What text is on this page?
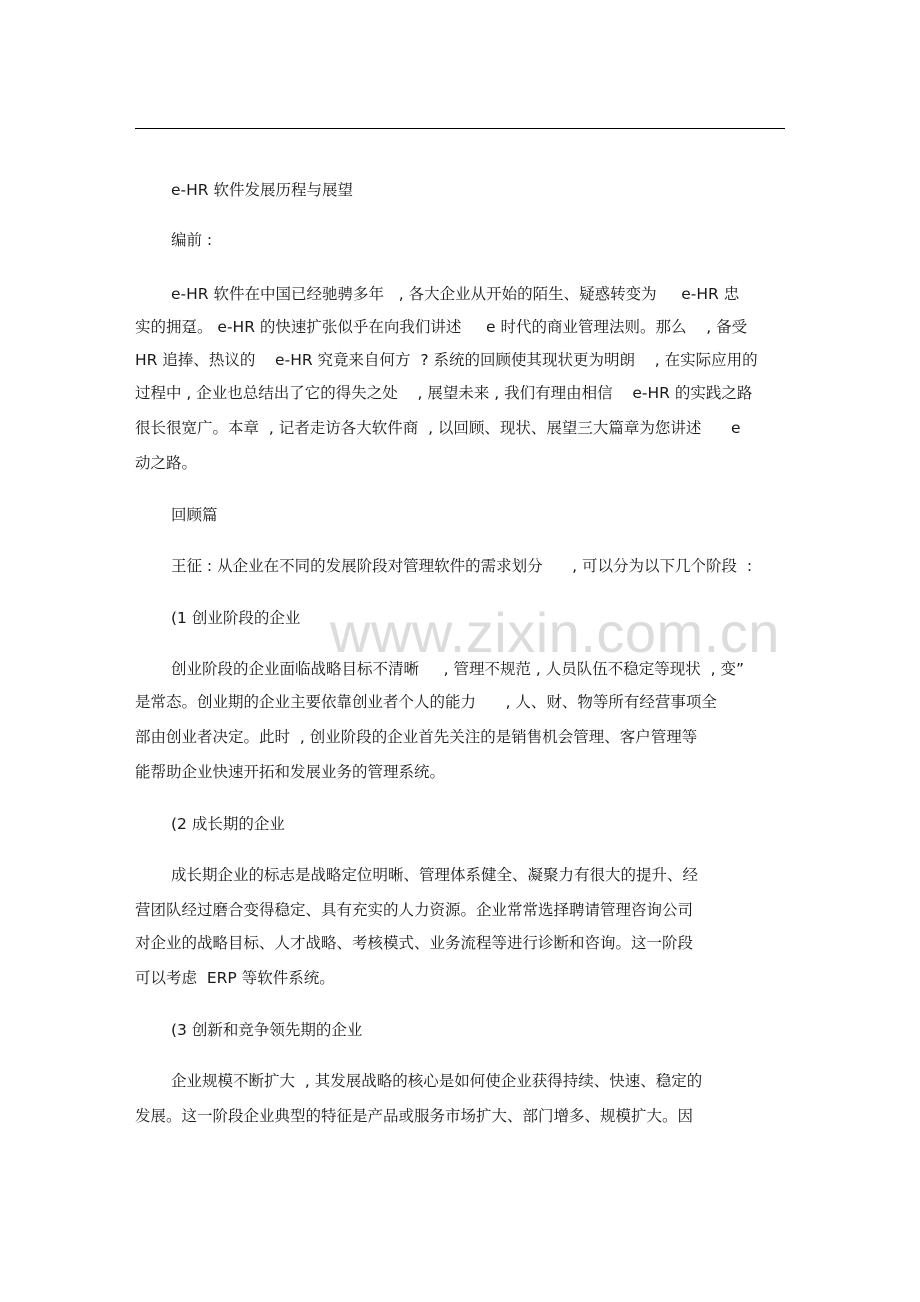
e-HR 软件发展历程与展望
编前 :
e-HR 软件在中国已经驰骋多年   , 各大企业从开始的陌生、疑惑转变为     e-HR 忠
实的拥趸。 e-HR 的快速扩张似乎在向我们讲述     e 时代的商业管理法则。那么    , 备受
HR 追捧、热议的    e-HR 究竟来自何方  ? 系统的回顾使其现状更为明朗    , 在实际应用的
过程中 , 企业也总结出了它的得失之处    , 展望未来 , 我们有理由相信    e-HR 的实践之路
很长很宽广。本章  , 记者走访各大软件商  , 以回顾、现状、展望三大篇章为您讲述      e
动之路。
回顾篇
王征 : 从企业在不同的发展阶段对管理软件的需求划分      , 可以分为以下几个阶段  :
(1 创业阶段的企业
创业阶段的企业面临战略目标不清晰     , 管理不规范 , 人员队伍不稳定等现状  , 变”
是常态。创业期的企业主要依靠创业者个人的能力      , 人、财、物等所有经营事项全
部由创业者决定。此时  , 创业阶段的企业首先关注的是销售机会管理、客户管理等
能帮助企业快速开拓和发展业务的管理系统。
(2 成长期的企业
成长期企业的标志是战略定位明晰、管理体系健全、凝聚力有很大的提升、经
营团队经过磨合变得稳定、具有充实的人力资源。企业常常选择聘请管理咨询公司
对企业的战略目标、人才战略、考核模式、业务流程等进行诊断和咨询。这一阶段
可以考虑  ERP 等软件系统。
(3 创新和竞争领先期的企业
企业规模不断扩大  , 其发展战略的核心是如何使企业获得持续、快速、稳定的
发展。这一阶段企业典型的特征是产品或服务市场扩大、部门增多、规模扩大。因
www.zixin.com.cn
